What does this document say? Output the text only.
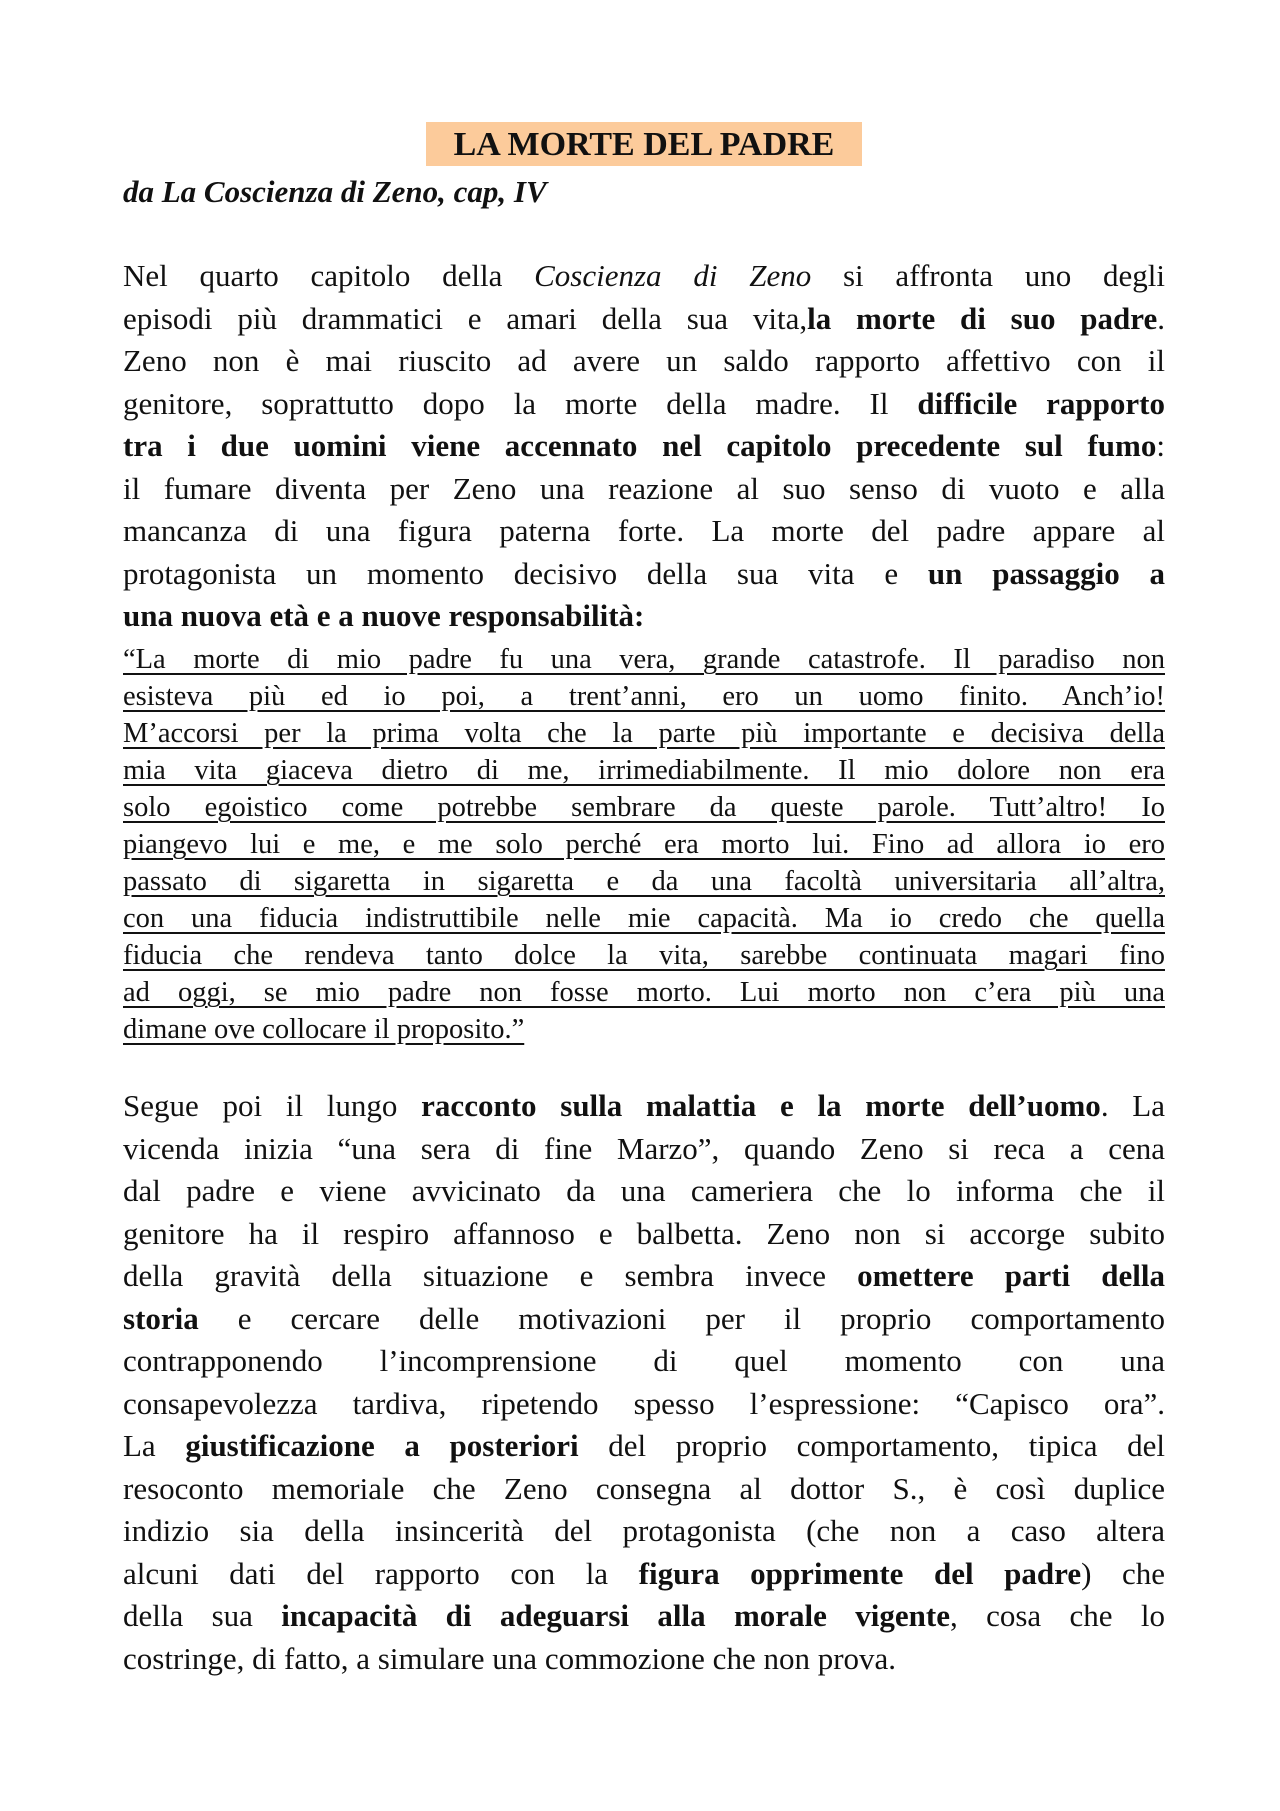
LA MORTE DEL PADRE
da La Coscienza di Zeno, cap, IV
Nel quarto capitolo della Coscienza di Zeno si affronta uno degli
episodi più drammatici e amari della sua vita,la morte di suo padre.
Zeno non è mai riuscito ad avere un saldo rapporto affettivo con il
genitore, soprattutto dopo la morte della madre. Il difficile rapporto
tra i due uomini viene accennato nel capitolo precedente sul fumo:
il fumare diventa per Zeno una reazione al suo senso di vuoto e alla
mancanza di una figura paterna forte. La morte del padre appare al
protagonista un momento decisivo della sua vita e un passaggio a
una nuova età e a nuove responsabilità:
“La morte di mio padre fu una vera, grande catastrofe. Il paradiso non
esisteva più ed io poi, a trent’anni, ero un uomo finito. Anch’io!
M’accorsi per la prima volta che la parte più importante e decisiva della
mia vita giaceva dietro di me, irrimediabilmente. Il mio dolore non era
solo egoistico come potrebbe sembrare da queste parole. Tutt’altro! Io
piangevo lui e me, e me solo perché era morto lui. Fino ad allora io ero
passato di sigaretta in sigaretta e da una facoltà universitaria all’altra,
con una fiducia indistruttibile nelle mie capacità. Ma io credo che quella
fiducia che rendeva tanto dolce la vita, sarebbe continuata magari fino
ad oggi, se mio padre non fosse morto. Lui morto non c’era più una
dimane ove collocare il proposito.”
Segue poi il lungo racconto sulla malattia e la morte dell’uomo. La
vicenda inizia “una sera di fine Marzo”, quando Zeno si reca a cena
dal padre e viene avvicinato da una cameriera che lo informa che il
genitore ha il respiro affannoso e balbetta. Zeno non si accorge subito
della gravità della situazione e sembra invece omettere parti della
storia e cercare delle motivazioni per il proprio comportamento
contrapponendo l’incomprensione di quel momento con una
consapevolezza tardiva, ripetendo spesso l’espressione: “Capisco ora”.
La giustificazione a posteriori del proprio comportamento, tipica del
resoconto memoriale che Zeno consegna al dottor S., è così duplice
indizio sia della insincerità del protagonista (che non a caso altera
alcuni dati del rapporto con la figura opprimente del padre) che
della sua incapacità di adeguarsi alla morale vigente, cosa che lo
costringe, di fatto, a simulare una commozione che non prova.
